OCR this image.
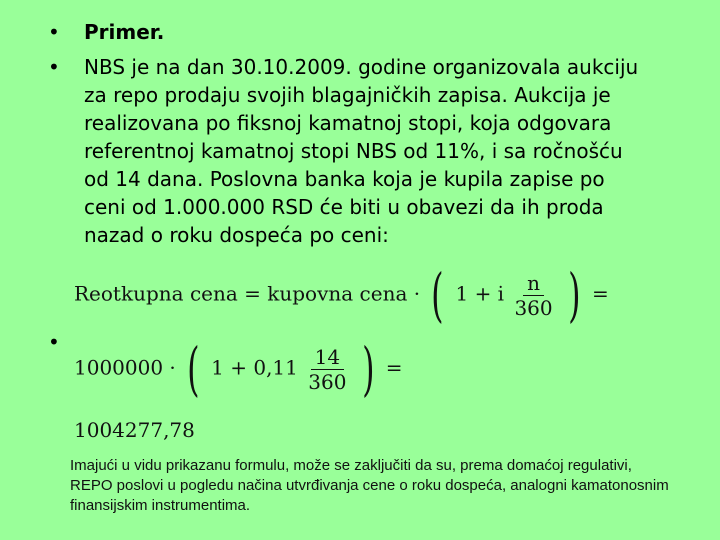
• Primer.
• NBS je na dan 30.10.2009. godine organizovala aukciju za repo prodaju svojih blagajničkih zapisa. Aukcija je realizovana po fiksnoj kamatnoj stopi, koja odgovara referentnoj kamatnoj stopi NBS od 11%, i sa ročnošću od 14 dana. Poslovna banka koja je kupila zapise po ceni od 1.000.000 RSD će biti u obavezi da ih proda nazad o roku dospeća po ceni:
•
Reotkupna cena = kupovna cena · ( 1 + i $\frac{n}{360}$ ) =
1000000 · ( $1 + 0,11 \frac{14}{360}$ ) =
1004277,78
Imajući u vidu prikazanu formulu, može se zaključiti da su, prema domaćoj regulativi, REPO poslovi u pogledu načina utvrđivanja cene o roku dospeća, analogni kamatonosnim finansijskim instrumentima.
